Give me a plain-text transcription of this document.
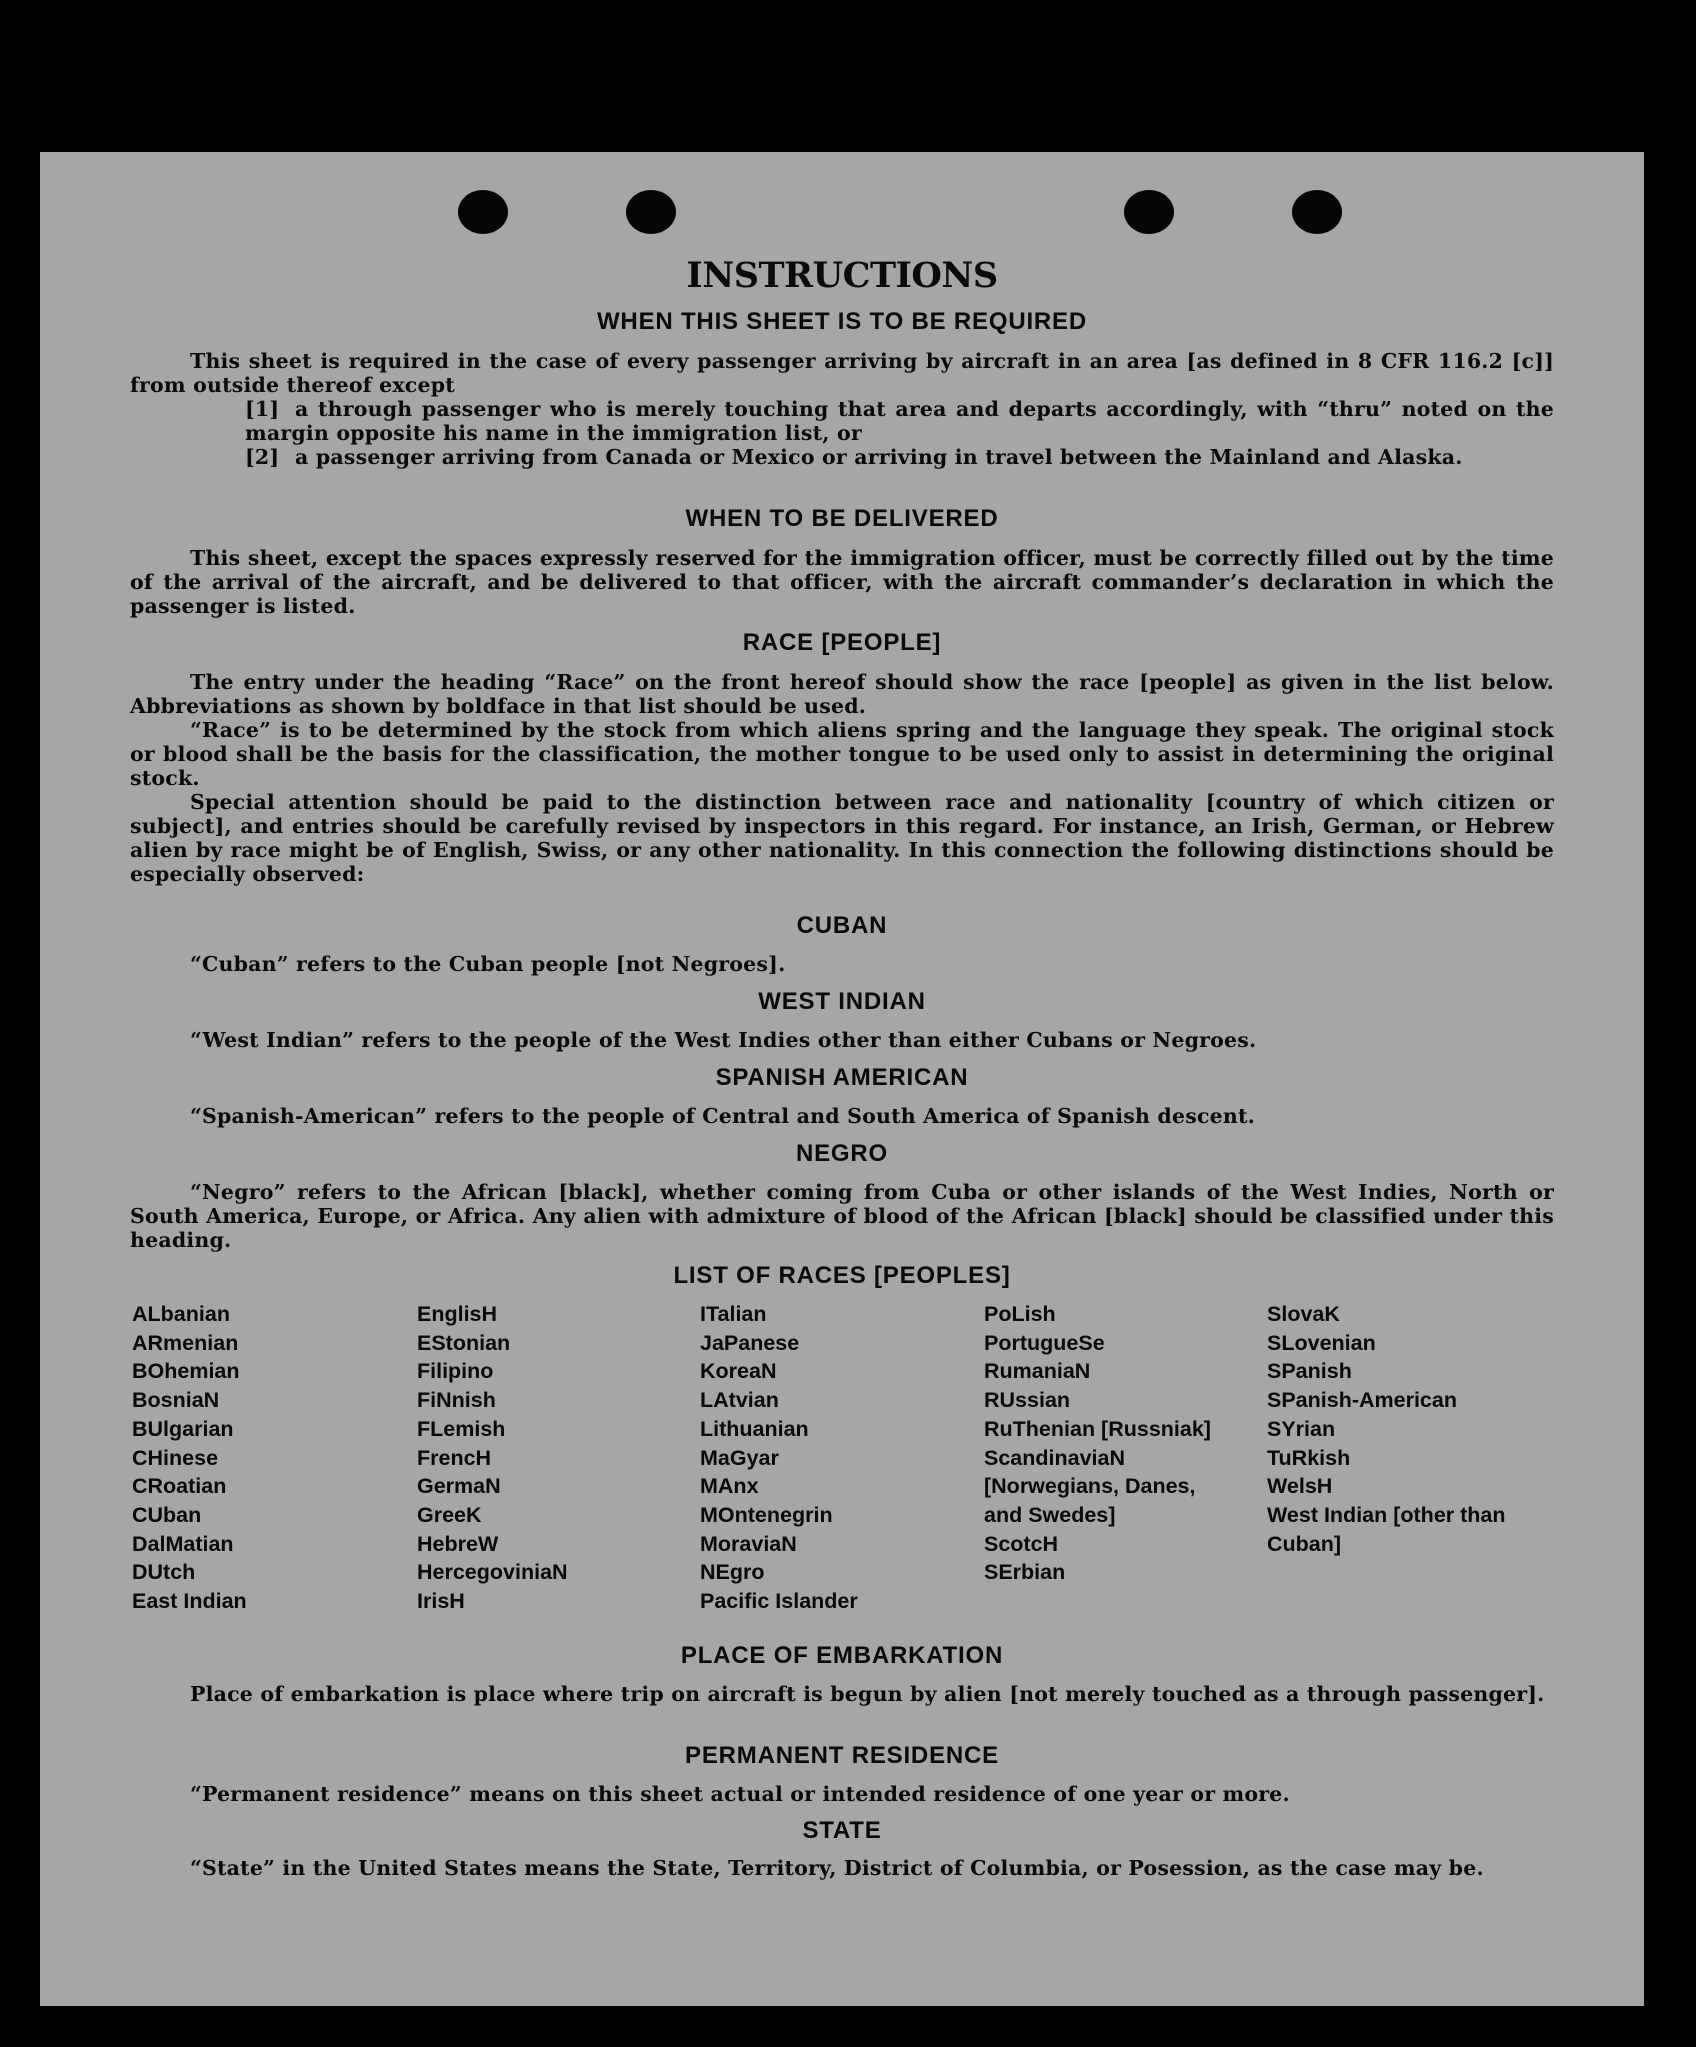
INSTRUCTIONS
WHEN THIS SHEET IS TO BE REQUIRED
This sheet is required in the case of every passenger arriving by aircraft in an area [as defined in 8 CFR 116.2 [c]] from outside thereof except
[1] a through passenger who is merely touching that area and departs accordingly, with “thru” noted on the margin opposite his name in the immigration list, or
[2] a passenger arriving from Canada or Mexico or arriving in travel between the Mainland and Alaska.
WHEN TO BE DELIVERED
This sheet, except the spaces expressly reserved for the immigration officer, must be correctly filled out by the time of the arrival of the aircraft, and be delivered to that officer, with the aircraft commander’s declaration in which the passenger is listed.
RACE [PEOPLE]
The entry under the heading “Race” on the front hereof should show the race [people] as given in the list below. Abbreviations as shown by boldface in that list should be used.
“Race” is to be determined by the stock from which aliens spring and the language they speak. The original stock or blood shall be the basis for the classification, the mother tongue to be used only to assist in determining the original stock.
Special attention should be paid to the distinction between race and nationality [country of which citizen or subject], and entries should be carefully revised by inspectors in this regard. For instance, an Irish, German, or Hebrew alien by race might be of English, Swiss, or any other nationality. In this connection the following distinctions should be especially observed:
CUBAN
“Cuban” refers to the Cuban people [not Negroes].
WEST INDIAN
“West Indian” refers to the people of the West Indies other than either Cubans or Negroes.
SPANISH AMERICAN
“Spanish-American” refers to the people of Central and South America of Spanish descent.
NEGRO
“Negro” refers to the African [black], whether coming from Cuba or other islands of the West Indies, North or South America, Europe, or Africa. Any alien with admixture of blood of the African [black] should be classified under this heading.
LIST OF RACES [PEOPLES]
ALbanian
ARmenian
BOhemian
BosniaN
BUlgarian
CHinese
CRoatian
CUban
DalMatian
DUtch
East Indian
EnglisH
EStonian
Filipino
FiNnish
FLemish
FrencH
GermaN
GreeK
HebreW
HercegoviniaN
IrisH
ITalian
JaPanese
KoreaN
LAtvian
Lithuanian
MaGyar
MAnx
MOntenegrin
MoraviaN
NEgro
Pacific Islander
PoLish
PortugueSe
RumaniaN
RUssian
RuThenian [Russniak]
ScandinaviaN [Norwegians, Danes, and Swedes]
ScotcH
SErbian
SlovaK
SLovenian
SPanish
SPanish-American
SYrian
TuRkish
WelsH
West Indian [other than Cuban]
PLACE OF EMBARKATION
Place of embarkation is place where trip on aircraft is begun by alien [not merely touched as a through passenger].
PERMANENT RESIDENCE
“Permanent residence” means on this sheet actual or intended residence of one year or more.
STATE
“State” in the United States means the State, Territory, District of Columbia, or Posession, as the case may be.
